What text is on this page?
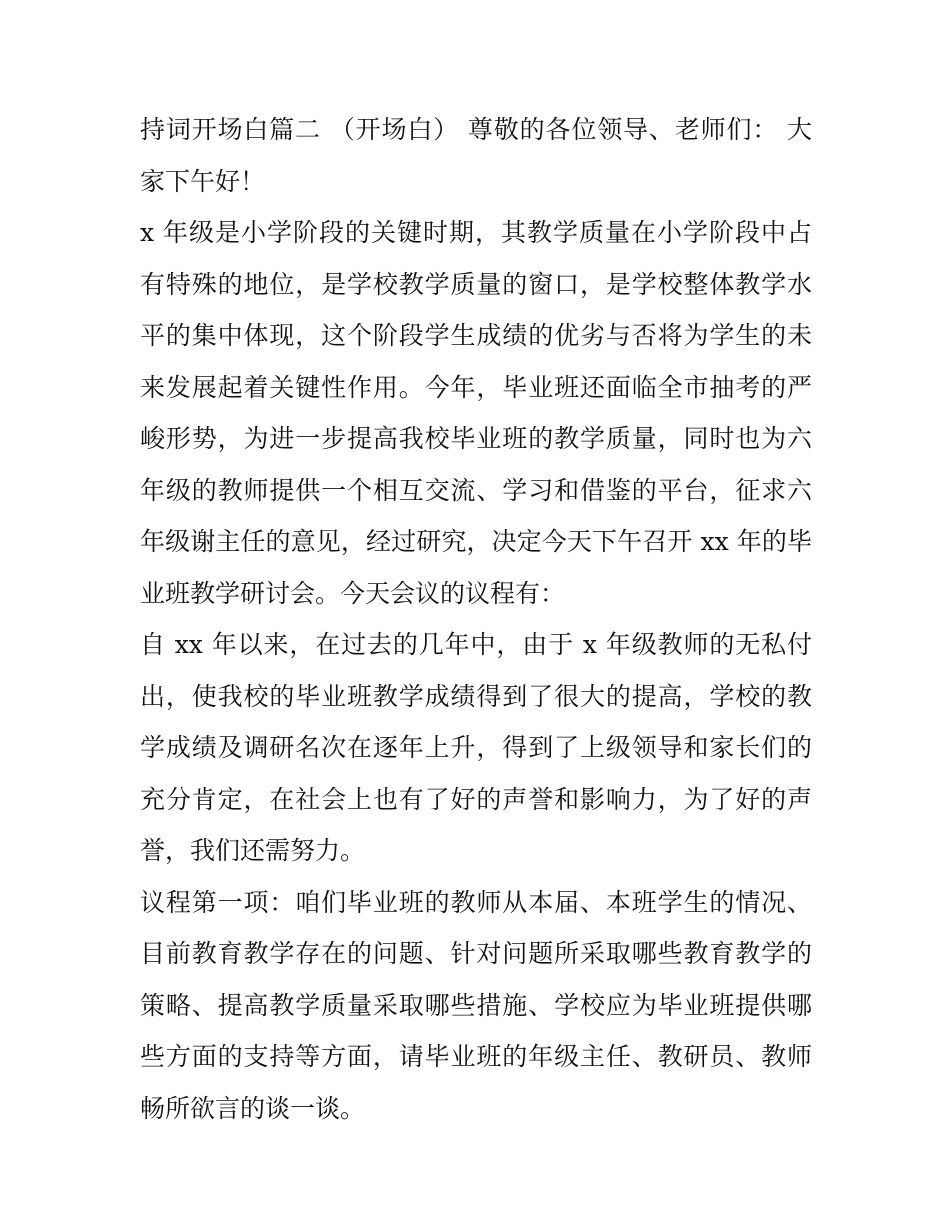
持词开场白篇二 （开场白） 尊敬的各位领导、老师们： 大家下午好！

x 年级是小学阶段的关键时期，其教学质量在小学阶段中占有特殊的地位，是学校教学质量的窗口，是学校整体教学水平的集中体现，这个阶段学生成绩的优劣与否将为学生的未来发展起着关键性作用。今年，毕业班还面临全市抽考的严峻形势，为进一步提高我校毕业班的教学质量，同时也为六年级的教师提供一个相互交流、学习和借鉴的平台，征求六年级谢主任的意见，经过研究，决定今天下午召开 xx 年的毕业班教学研讨会。今天会议的议程有：

自 xx 年以来，在过去的几年中，由于 x 年级教师的无私付出，使我校的毕业班教学成绩得到了很大的提高，学校的教学成绩及调研名次在逐年上升，得到了上级领导和家长们的充分肯定，在社会上也有了好的声誉和影响力，为了好的声誉，我们还需努力。

议程第一项：咱们毕业班的教师从本届、本班学生的情况、目前教育教学存在的问题、针对问题所采取哪些教育教学的策略、提高教学质量采取哪些措施、学校应为毕业班提供哪些方面的支持等方面，请毕业班的年级主任、教研员、教师畅所欲言的谈一谈。
